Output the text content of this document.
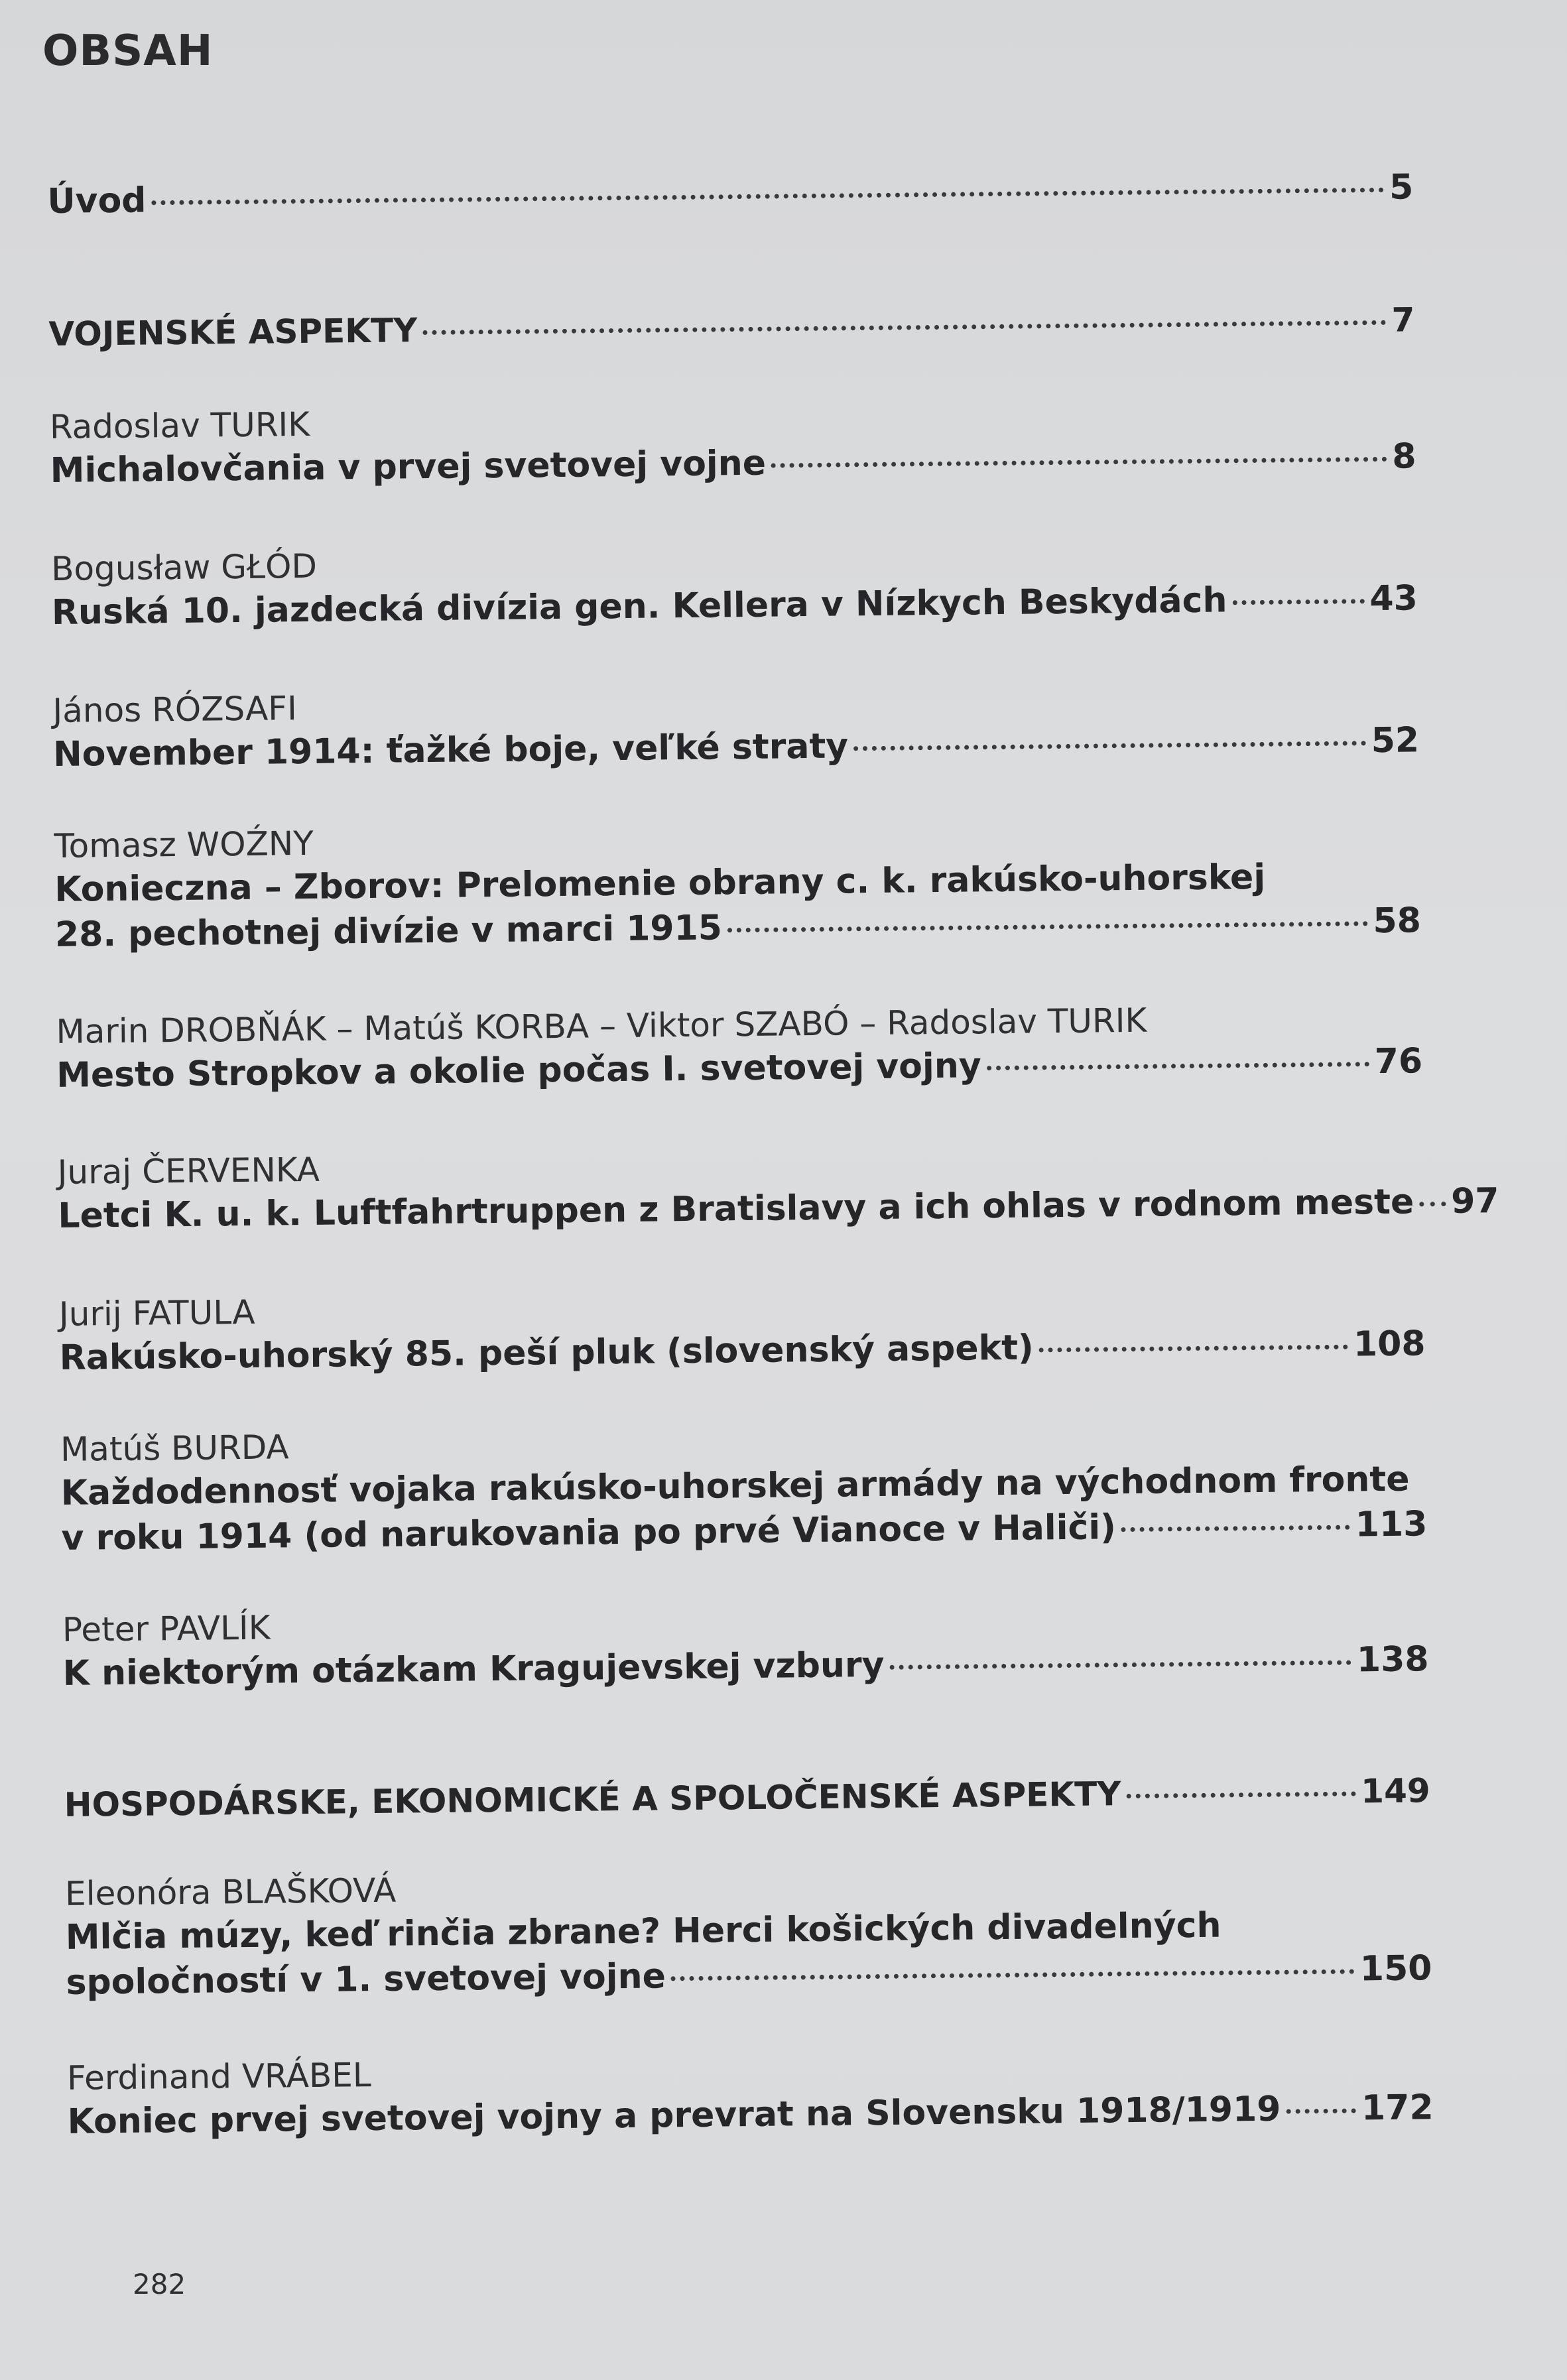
OBSAH
Úvod	5
VOJENSKÉ ASPEKTY	7
Radoslav TURIK
Michalovčania v prvej svetovej vojne	8
Bogusław GŁÓD
Ruská 10. jazdecká divízia gen. Kellera v Nízkych Beskydách	43
János RÓZSAFI
November 1914: ťažké boje, veľké straty	52
Tomasz WOŹNY
Konieczna – Zborov: Prelomenie obrany c. k. rakúsko-uhorskej
28. pechotnej divízie v marci 1915	58
Marin DROBŇÁK – Matúš KORBA – Viktor SZABÓ – Radoslav TURIK
Mesto Stropkov a okolie počas I. svetovej vojny	76
Juraj ČERVENKA
Letci K. u. k. Luftfahrtruppen z Bratislavy a ich ohlas v rodnom meste 97
Jurij FATULA
Rakúsko-uhorský 85. peší pluk (slovenský aspekt)	108
Matúš BURDA
Každodennosť vojaka rakúsko-uhorskej armády na východnom fronte
v roku 1914 (od narukovania po prvé Vianoce v Haliči)	113
Peter PAVLÍK
K niektorým otázkam Kragujevskej vzbury	138
HOSPODÁRSKE, EKONOMICKÉ A SPOLOČENSKÉ ASPEKTY	149
Eleonóra BLAŠKOVÁ
Mlčia múzy, keď rinčia zbrane? Herci košických divadelných
spoločností v 1. svetovej vojne	150
Ferdinand VRÁBEL
Koniec prvej svetovej vojny a prevrat na Slovensku 1918/1919 172
282
